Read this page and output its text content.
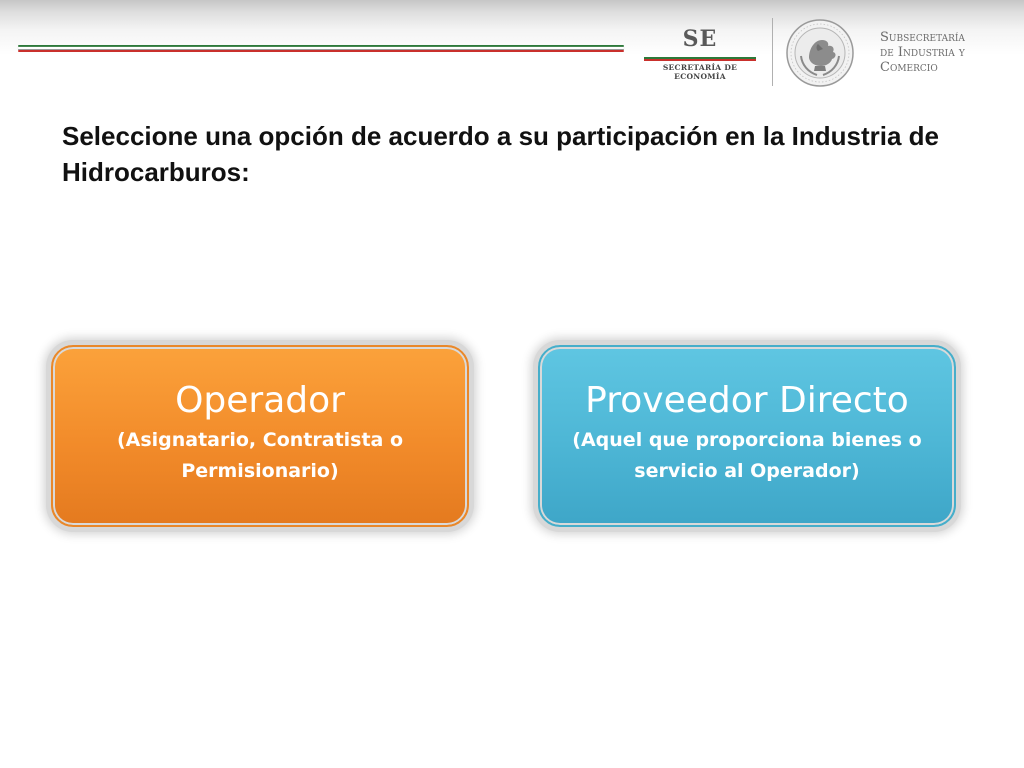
SE
SECRETARÍA DE ECONOMÍA
Subsecretaría
de Industria y
Comercio
Seleccione una opción de acuerdo a su participación en la Industria de Hidrocarburos:
Operador
(Asignatario, Contratista o Permisionario)
Proveedor Directo
(Aquel que proporciona bienes o servicio al Operador)
